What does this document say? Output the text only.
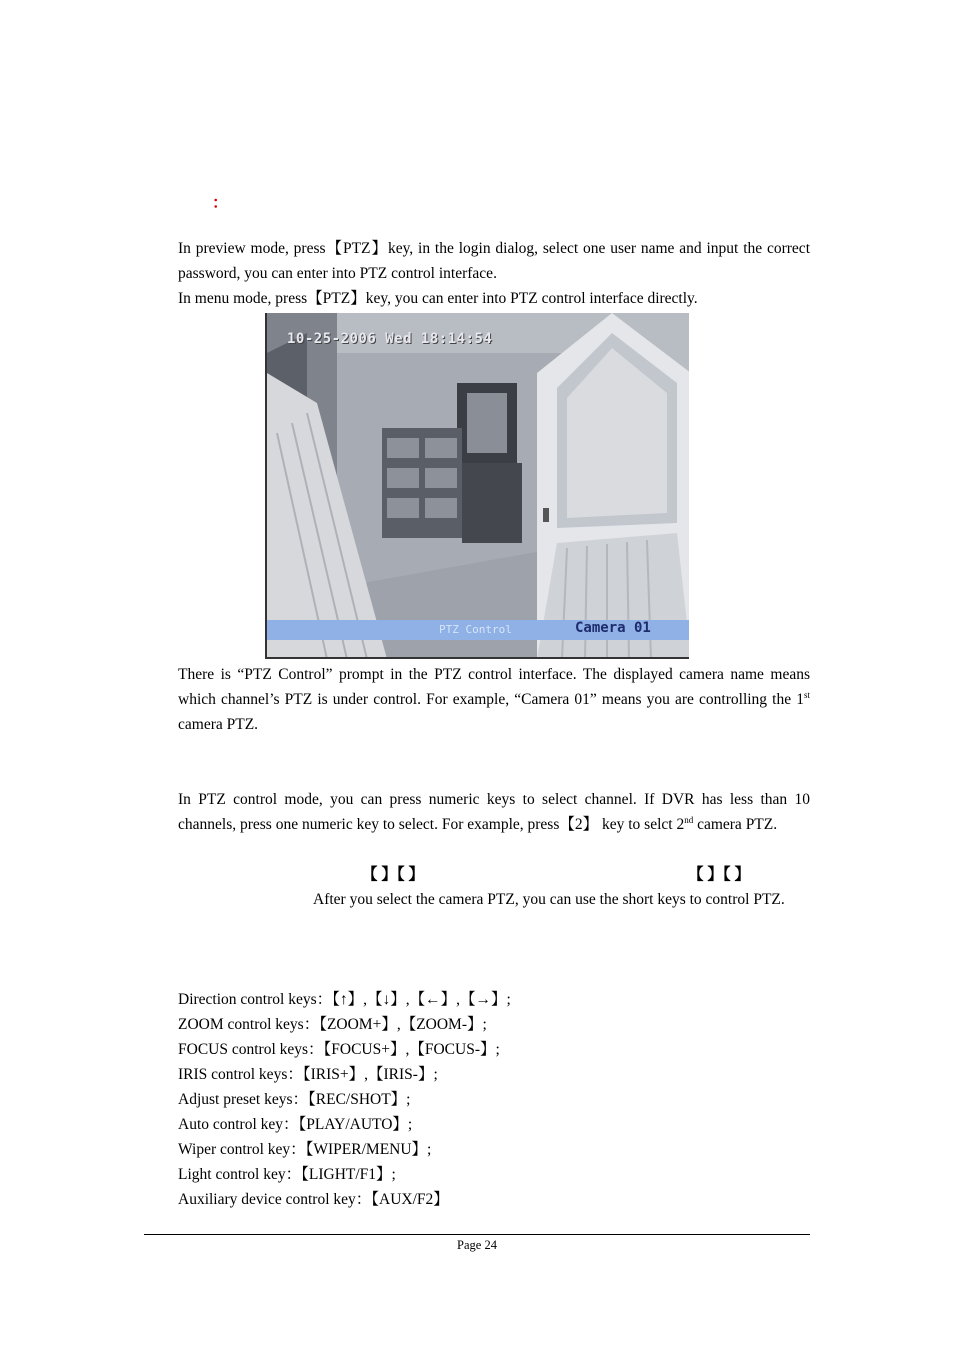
：

In preview mode, press【PTZ】key, in the login dialog, select one user name and input the correct password, you can enter into PTZ control interface.

In menu mode, press【PTZ】key, you can enter into PTZ control interface directly.

10-25-2006 Wed 18:14:54
PTZ Control	Camera 01

There is “PTZ Control” prompt in the PTZ control interface. The displayed camera name means which channel’s PTZ is under control. For example, “Camera 01” means you are controlling the 1st camera PTZ.

In PTZ control mode, you can press numeric keys to select channel. If DVR has less than 10 channels, press one numeric key to select. For example, press【2】 key to selct 2nd camera PTZ.

【 】【 】	【 】【 】

After you select the camera PTZ, you can use the short keys to control PTZ.

Direction control keys：【↑】,【↓】,【←】,【→】;

ZOOM control keys：【ZOOM+】,【ZOOM-】;

FOCUS control keys：【FOCUS+】,【FOCUS-】;

IRIS control keys：【IRIS+】,【IRIS-】;

Adjust preset keys：【REC/SHOT】;

Auto control key：【PLAY/AUTO】;

Wiper control key：【WIPER/MENU】;

Light control key：【LIGHT/F1】;

Auxiliary device control key：【AUX/F2】

Page 24
